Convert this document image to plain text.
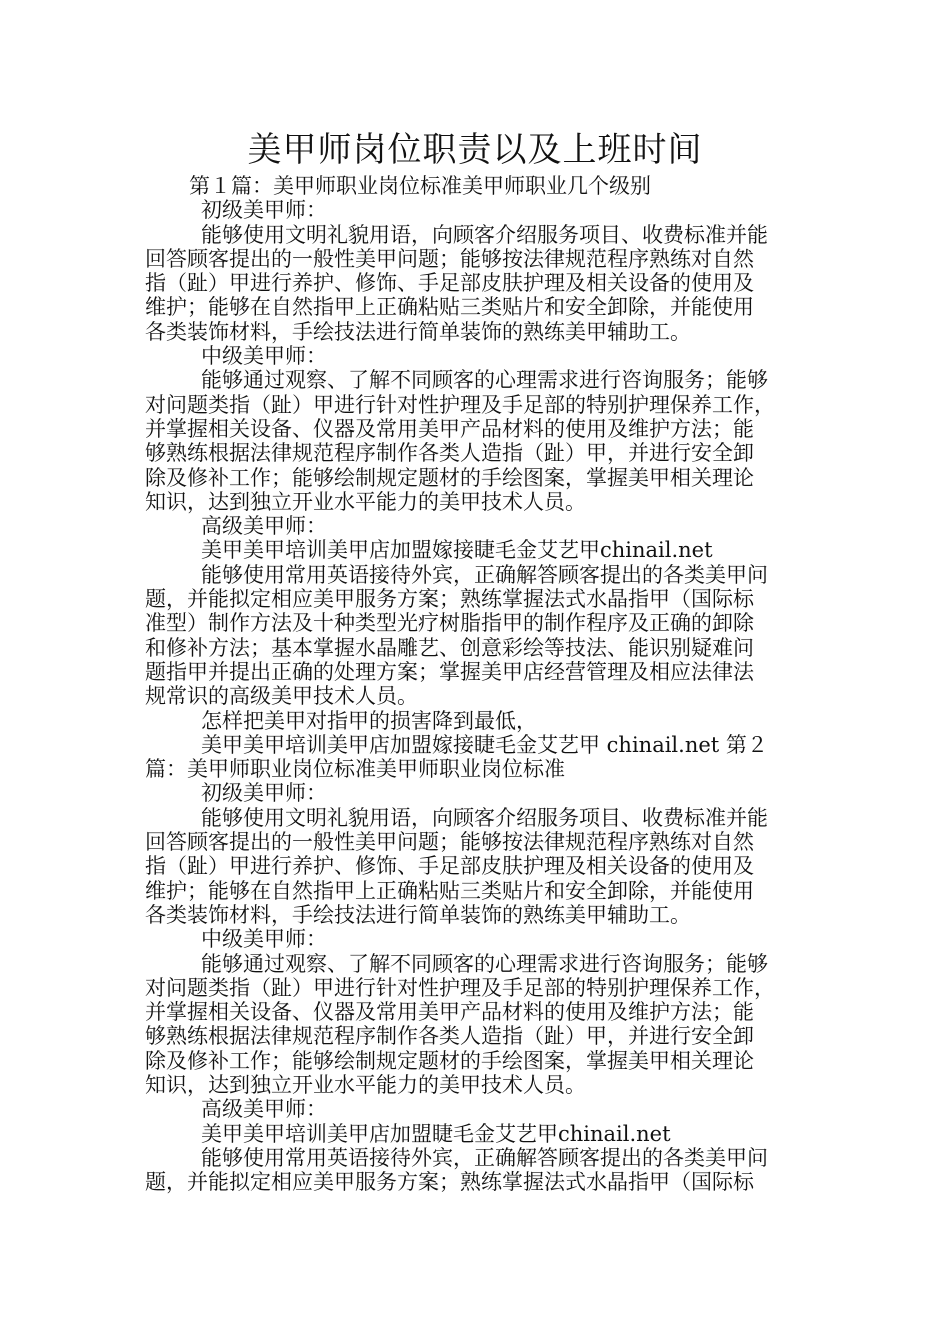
美甲师岗位职责以及上班时间
第１篇：美甲师职业岗位标准美甲师职业几个级别
初级美甲师：
能够使用文明礼貌用语，向顾客介绍服务项目、收费标准并能
回答顾客提出的一般性美甲问题；能够按法律规范程序熟练对自然
指（趾）甲进行养护、修饰、手足部皮肤护理及相关设备的使用及
维护；能够在自然指甲上正确粘贴三类贴片和安全卸除，并能使用
各类装饰材料，手绘技法进行简单装饰的熟练美甲辅助工。
中级美甲师：
能够通过观察、了解不同顾客的心理需求进行咨询服务；能够
对问题类指（趾）甲进行针对性护理及手足部的特别护理保养工作，
并掌握相关设备、仪器及常用美甲产品材料的使用及维护方法；能
够熟练根据法律规范程序制作各类人造指（趾）甲，并进行安全卸
除及修补工作；能够绘制规定题材的手绘图案，掌握美甲相关理论
知识，达到独立开业水平能力的美甲技术人员。
高级美甲师：
美甲美甲培训美甲店加盟嫁接睫毛金艾艺甲chinail.net
能够使用常用英语接待外宾，正确解答顾客提出的各类美甲问
题，并能拟定相应美甲服务方案；熟练掌握法式水晶指甲（国际标
准型）制作方法及十种类型光疗树脂指甲的制作程序及正确的卸除
和修补方法；基本掌握水晶雕艺、创意彩绘等技法、能识别疑难问
题指甲并提出正确的处理方案；掌握美甲店经营管理及相应法律法
规常识的高级美甲技术人员。
怎样把美甲对指甲的损害降到最低，
美甲美甲培训美甲店加盟嫁接睫毛金艾艺甲 chinail.net 第２
篇：美甲师职业岗位标准美甲师职业岗位标准
初级美甲师：
能够使用文明礼貌用语，向顾客介绍服务项目、收费标准并能
回答顾客提出的一般性美甲问题；能够按法律规范程序熟练对自然
指（趾）甲进行养护、修饰、手足部皮肤护理及相关设备的使用及
维护；能够在自然指甲上正确粘贴三类贴片和安全卸除，并能使用
各类装饰材料，手绘技法进行简单装饰的熟练美甲辅助工。
中级美甲师：
能够通过观察、了解不同顾客的心理需求进行咨询服务；能够
对问题类指（趾）甲进行针对性护理及手足部的特别护理保养工作，
并掌握相关设备、仪器及常用美甲产品材料的使用及维护方法；能
够熟练根据法律规范程序制作各类人造指（趾）甲，并进行安全卸
除及修补工作；能够绘制规定题材的手绘图案，掌握美甲相关理论
知识，达到独立开业水平能力的美甲技术人员。
高级美甲师：
美甲美甲培训美甲店加盟睫毛金艾艺甲chinail.net
能够使用常用英语接待外宾，正确解答顾客提出的各类美甲问
题，并能拟定相应美甲服务方案；熟练掌握法式水晶指甲（国际标
